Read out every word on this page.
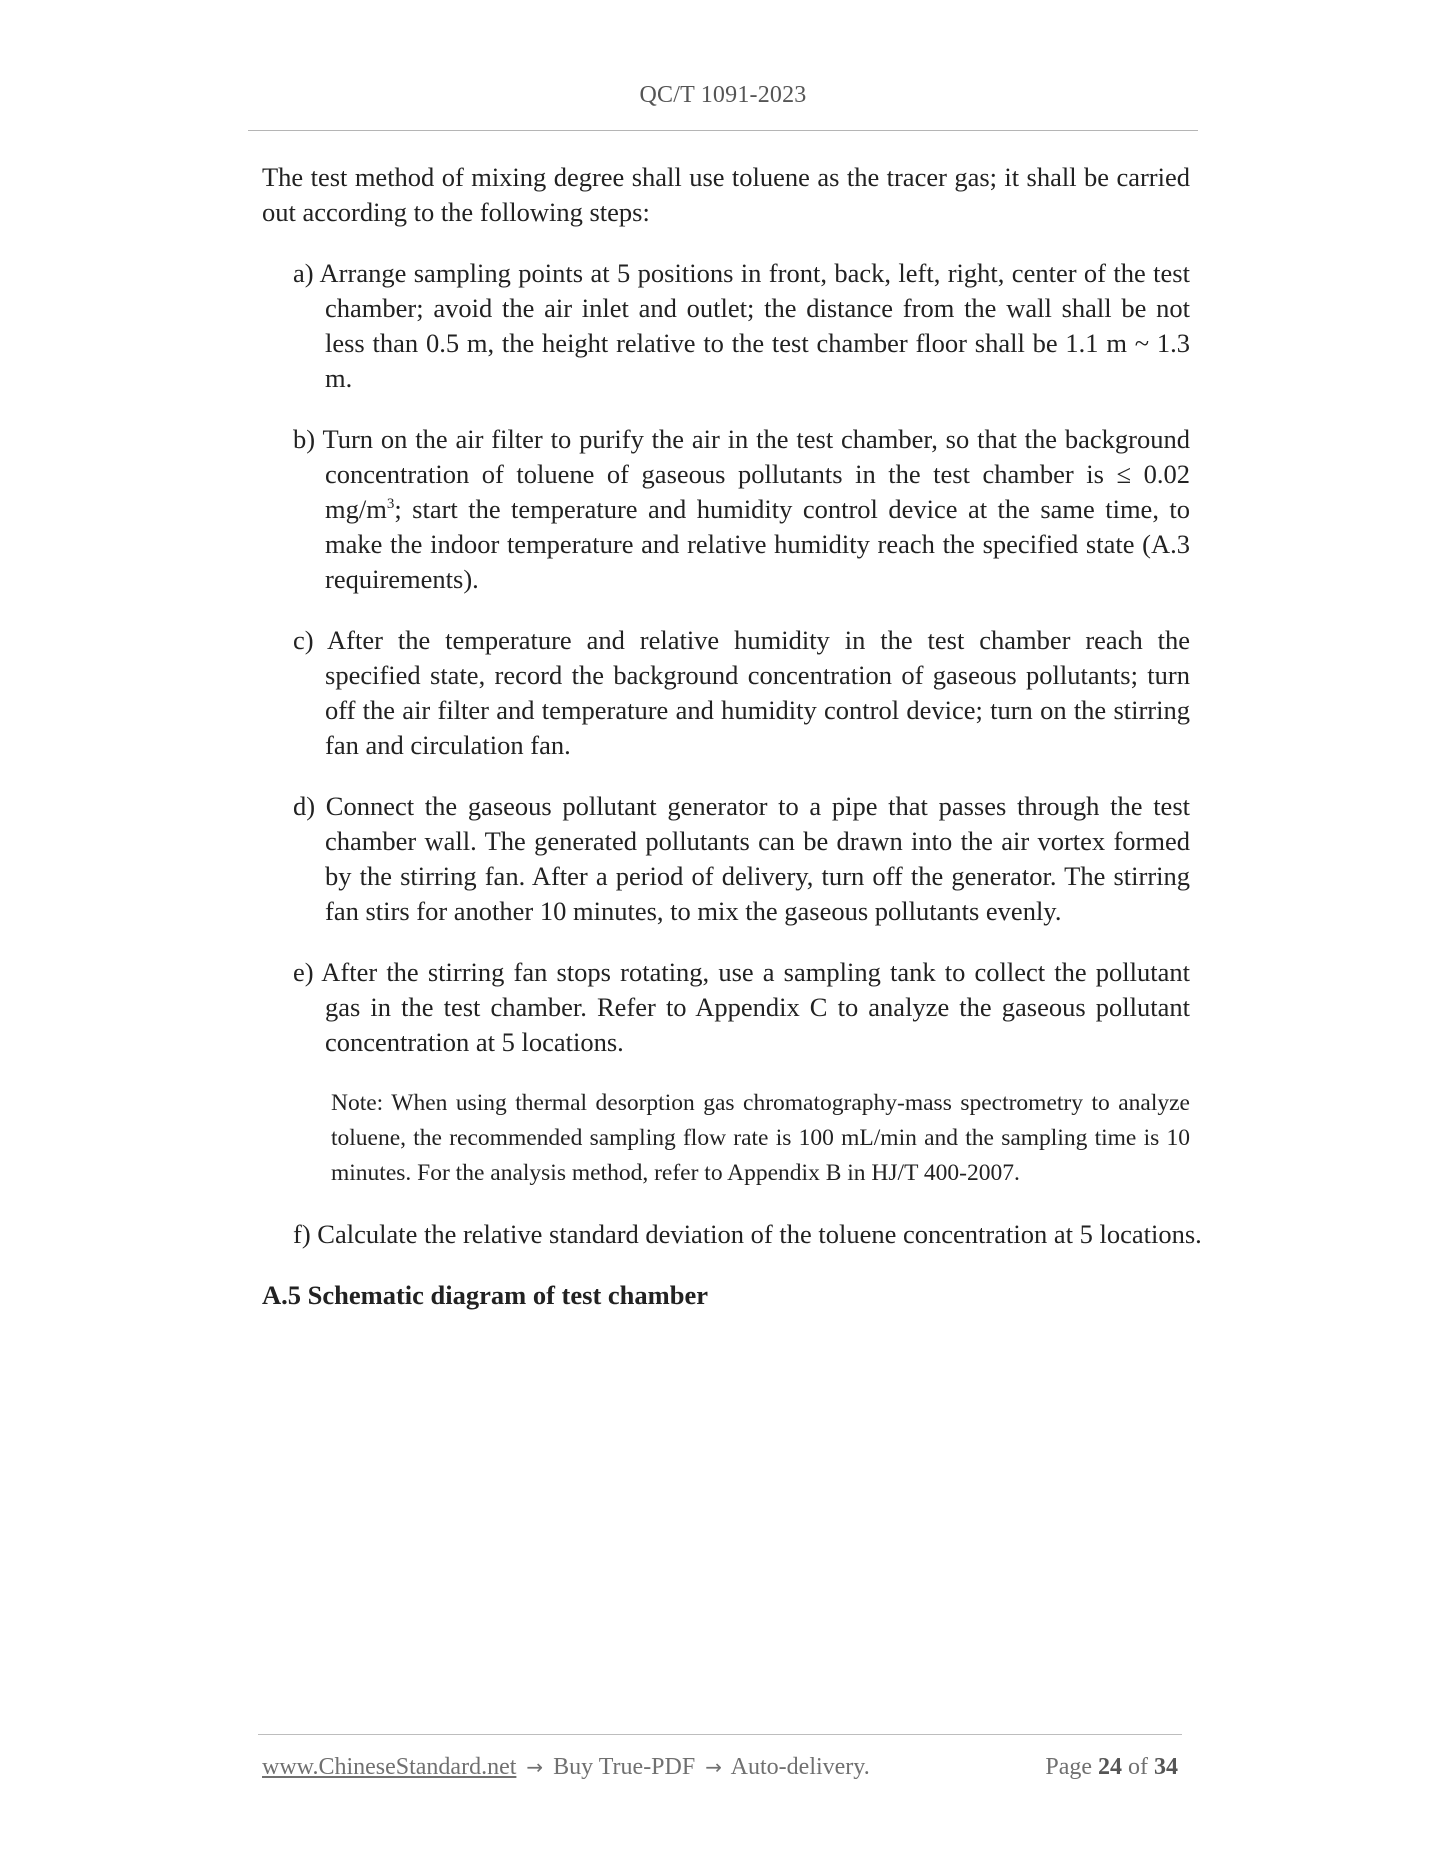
QC/T 1091-2023

The test method of mixing degree shall use toluene as the tracer gas; it shall be carried out according to the following steps:

a) Arrange sampling points at 5 positions in front, back, left, right, center of the test chamber; avoid the air inlet and outlet; the distance from the wall shall be not less than 0.5 m, the height relative to the test chamber floor shall be 1.1 m ~ 1.3 m.

b) Turn on the air filter to purify the air in the test chamber, so that the background concentration of toluene of gaseous pollutants in the test chamber is ≤ 0.02 $mg/m^3$; start the temperature and humidity control device at the same time, to make the indoor temperature and relative humidity reach the specified state (A.3 requirements).

c) After the temperature and relative humidity in the test chamber reach the specified state, record the background concentration of gaseous pollutants; turn off the air filter and temperature and humidity control device; turn on the stirring fan and circulation fan.

d) Connect the gaseous pollutant generator to a pipe that passes through the test chamber wall. The generated pollutants can be drawn into the air vortex formed by the stirring fan. After a period of delivery, turn off the generator. The stirring fan stirs for another 10 minutes, to mix the gaseous pollutants evenly.

e) After the stirring fan stops rotating, use a sampling tank to collect the pollutant gas in the test chamber. Refer to Appendix C to analyze the gaseous pollutant concentration at 5 locations.

Note: When using thermal desorption gas chromatography-mass spectrometry to analyze toluene, the recommended sampling flow rate is 100 mL/min and the sampling time is 10 minutes. For the analysis method, refer to Appendix B in HJ/T 400-2007.

f) Calculate the relative standard deviation of the toluene concentration at 5 locations.

A.5 Schematic diagram of test chamber

www.ChineseStandard.net → Buy True-PDF → Auto-delivery.	Page 24 of 34
